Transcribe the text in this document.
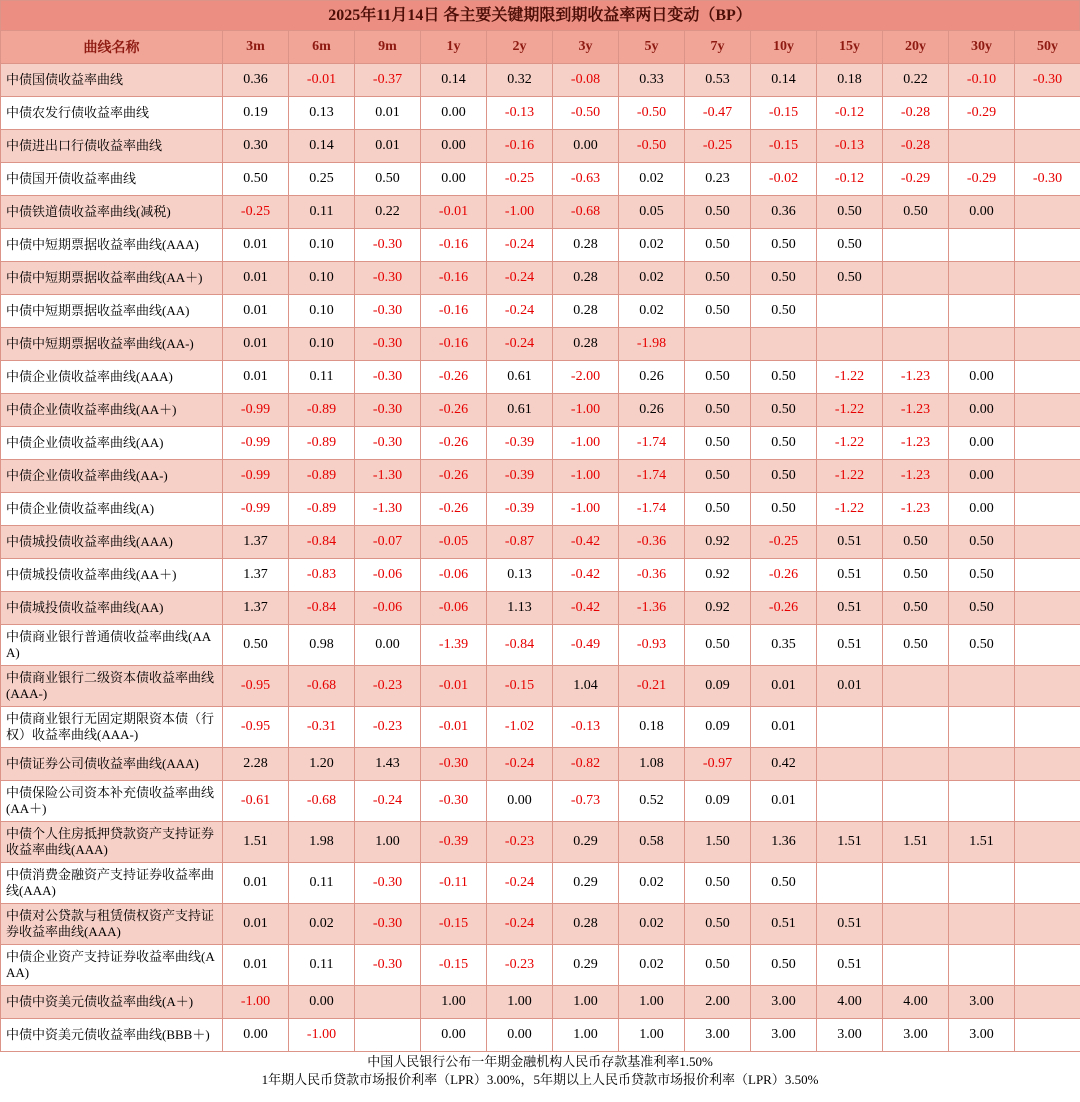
2025年11月14日 各主要关键期限到期收益率两日变动（BP）
曲线名称	3m	6m	9m	1y	2y	3y	5y	7y	10y	15y	20y	30y	50y
中债国债收益率曲线	0.36	-0.01	-0.37	0.14	0.32	-0.08	0.33	0.53	0.14	0.18	0.22	-0.10	-0.30
中债农发行债收益率曲线	0.19	0.13	0.01	0.00	-0.13	-0.50	-0.50	-0.47	-0.15	-0.12	-0.28	-0.29	
中债进出口行债收益率曲线	0.30	0.14	0.01	0.00	-0.16	0.00	-0.50	-0.25	-0.15	-0.13	-0.28		
中债国开债收益率曲线	0.50	0.25	0.50	0.00	-0.25	-0.63	0.02	0.23	-0.02	-0.12	-0.29	-0.29	-0.30
中债铁道债收益率曲线(减税)	-0.25	0.11	0.22	-0.01	-1.00	-0.68	0.05	0.50	0.36	0.50	0.50	0.00	
中债中短期票据收益率曲线(AAA)	0.01	0.10	-0.30	-0.16	-0.24	0.28	0.02	0.50	0.50	0.50			
中债中短期票据收益率曲线(AA＋)	0.01	0.10	-0.30	-0.16	-0.24	0.28	0.02	0.50	0.50	0.50			
中债中短期票据收益率曲线(AA)	0.01	0.10	-0.30	-0.16	-0.24	0.28	0.02	0.50	0.50				
中债中短期票据收益率曲线(AA-)	0.01	0.10	-0.30	-0.16	-0.24	0.28	-1.98						
中债企业债收益率曲线(AAA)	0.01	0.11	-0.30	-0.26	0.61	-2.00	0.26	0.50	0.50	-1.22	-1.23	0.00	
中债企业债收益率曲线(AA＋)	-0.99	-0.89	-0.30	-0.26	0.61	-1.00	0.26	0.50	0.50	-1.22	-1.23	0.00	
中债企业债收益率曲线(AA)	-0.99	-0.89	-0.30	-0.26	-0.39	-1.00	-1.74	0.50	0.50	-1.22	-1.23	0.00	
中债企业债收益率曲线(AA-)	-0.99	-0.89	-1.30	-0.26	-0.39	-1.00	-1.74	0.50	0.50	-1.22	-1.23	0.00	
中债企业债收益率曲线(A)	-0.99	-0.89	-1.30	-0.26	-0.39	-1.00	-1.74	0.50	0.50	-1.22	-1.23	0.00	
中债城投债收益率曲线(AAA)	1.37	-0.84	-0.07	-0.05	-0.87	-0.42	-0.36	0.92	-0.25	0.51	0.50	0.50	
中债城投债收益率曲线(AA＋)	1.37	-0.83	-0.06	-0.06	0.13	-0.42	-0.36	0.92	-0.26	0.51	0.50	0.50	
中债城投债收益率曲线(AA)	1.37	-0.84	-0.06	-0.06	1.13	-0.42	-1.36	0.92	-0.26	0.51	0.50	0.50	
中债商业银行普通债收益率曲线(AAA)	0.50	0.98	0.00	-1.39	-0.84	-0.49	-0.93	0.50	0.35	0.51	0.50	0.50	
中债商业银行二级资本债收益率曲线(AAA-)	-0.95	-0.68	-0.23	-0.01	-0.15	1.04	-0.21	0.09	0.01	0.01			
中债商业银行无固定期限资本债（行权）收益率曲线(AAA-)	-0.95	-0.31	-0.23	-0.01	-1.02	-0.13	0.18	0.09	0.01				
中债证券公司债收益率曲线(AAA)	2.28	1.20	1.43	-0.30	-0.24	-0.82	1.08	-0.97	0.42				
中债保险公司资本补充债收益率曲线(AA＋)	-0.61	-0.68	-0.24	-0.30	0.00	-0.73	0.52	0.09	0.01				
中债个人住房抵押贷款资产支持证券收益率曲线(AAA)	1.51	1.98	1.00	-0.39	-0.23	0.29	0.58	1.50	1.36	1.51	1.51	1.51	
中债消费金融资产支持证券收益率曲线(AAA)	0.01	0.11	-0.30	-0.11	-0.24	0.29	0.02	0.50	0.50				
中债对公贷款与租赁债权资产支持证券收益率曲线(AAA)	0.01	0.02	-0.30	-0.15	-0.24	0.28	0.02	0.50	0.51	0.51			
中债企业资产支持证券收益率曲线(AAA)	0.01	0.11	-0.30	-0.15	-0.23	0.29	0.02	0.50	0.50	0.51			
中债中资美元债收益率曲线(A＋)	-1.00	0.00		1.00	1.00	1.00	1.00	2.00	3.00	4.00	4.00	3.00	
中债中资美元债收益率曲线(BBB＋)	0.00	-1.00		0.00	0.00	1.00	1.00	3.00	3.00	3.00	3.00	3.00	
中国人民银行公布一年期金融机构人民币存款基准利率1.50%
1年期人民币贷款市场报价利率（LPR）3.00%，5年期以上人民币贷款市场报价利率（LPR）3.50%
